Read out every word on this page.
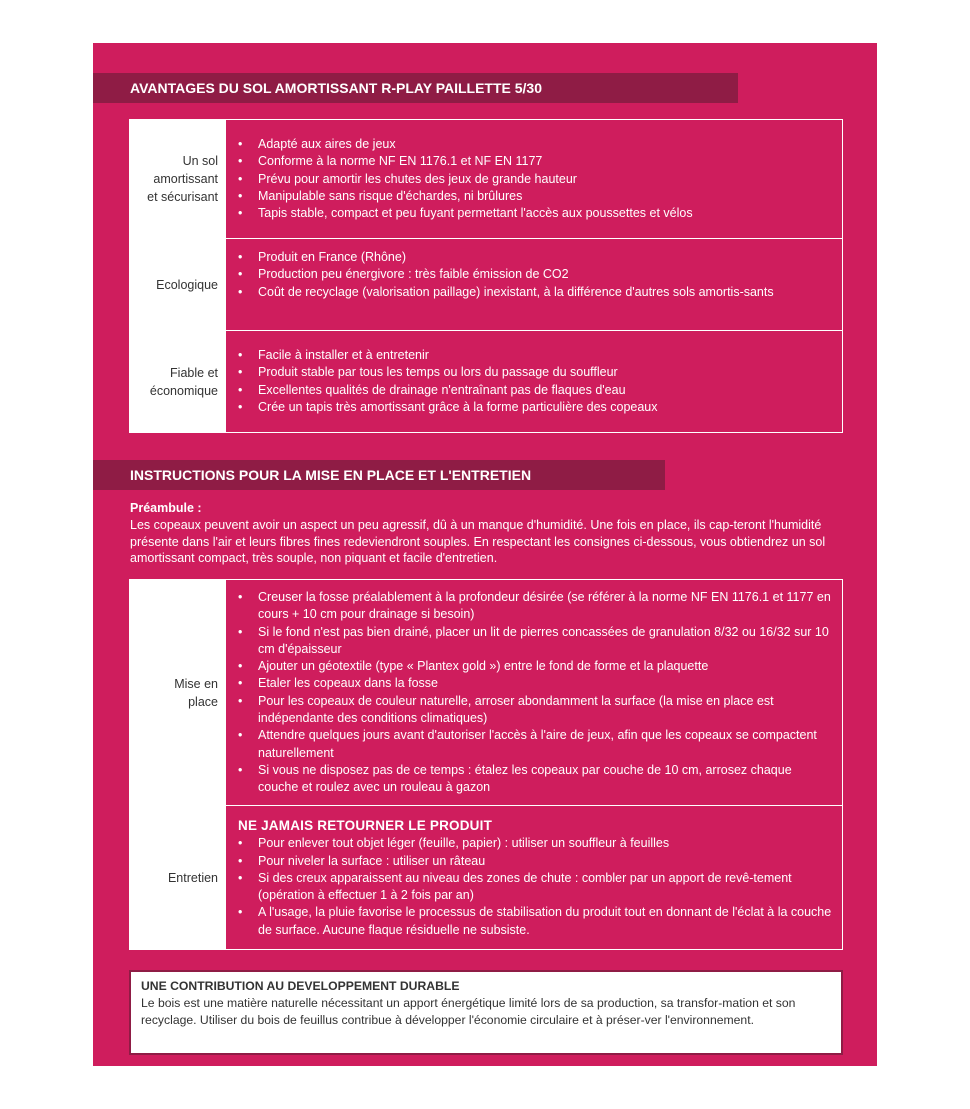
AVANTAGES DU SOL AMORTISSANT R-PLAY PAILLETTE 5/30
Un sol
amortissant
et sécurisant
• Adapté aux aires de jeux
• Conforme à la norme NF EN 1176.1 et NF EN 1177
• Prévu pour amortir les chutes des jeux de grande hauteur
• Manipulable sans risque d'échardes, ni brûlures
• Tapis stable, compact et peu fuyant permettant l'accès aux poussettes et vélos
Ecologique
• Produit en France (Rhône)
• Production peu énergivore : très faible émission de CO2
• Coût de recyclage (valorisation paillage) inexistant, à la différence d'autres sols amortis-sants
Fiable et
économique
• Facile à installer et à entretenir
• Produit stable par tous les temps ou lors du passage du souffleur
• Excellentes qualités de drainage n'entraînant pas de flaques d'eau
• Crée un tapis très amortissant grâce à la forme particulière des copeaux
INSTRUCTIONS POUR LA MISE EN PLACE ET L'ENTRETIEN
Préambule :
Les copeaux peuvent avoir un aspect un peu agressif, dû à un manque d'humidité. Une fois en place, ils cap-teront l'humidité présente dans l'air et leurs fibres fines redeviendront souples. En respectant les consignes ci-dessous, vous obtiendrez un sol amortissant compact, très souple, non piquant et facile d'entretien.
Mise en
place
• Creuser la fosse préalablement à la profondeur désirée (se référer à la norme NF EN 1176.1 et 1177 en cours + 10 cm pour drainage si besoin)
• Si le fond n'est pas bien drainé, placer un lit de pierres concassées de granulation 8/32 ou 16/32 sur 10 cm d'épaisseur
• Ajouter un géotextile (type « Plantex gold ») entre le fond de forme et la plaquette
• Etaler les copeaux dans la fosse
• Pour les copeaux de couleur naturelle, arroser abondamment la surface (la mise en place est indépendante des conditions climatiques)
• Attendre quelques jours avant d'autoriser l'accès à l'aire de jeux, afin que les copeaux se compactent naturellement
• Si vous ne disposez pas de ce temps : étalez les copeaux par couche de 10 cm, arrosez chaque couche et roulez avec un rouleau à gazon
Entretien
NE JAMAIS RETOURNER LE PRODUIT
• Pour enlever tout objet léger (feuille, papier) : utiliser un souffleur à feuilles
• Pour niveler la surface : utiliser un râteau
• Si des creux apparaissent au niveau des zones de chute : combler par un apport de revê-tement (opération à effectuer 1 à 2 fois par an)
• A l'usage, la pluie favorise le processus de stabilisation du produit tout en donnant de l'éclat à la couche de surface. Aucune flaque résiduelle ne subsiste.
UNE CONTRIBUTION AU DEVELOPPEMENT DURABLE
Le bois est une matière naturelle nécessitant un apport énergétique limité lors de sa production, sa transfor-mation et son recyclage. Utiliser du bois de feuillus contribue à développer l'économie circulaire et à préser-ver l'environnement.
